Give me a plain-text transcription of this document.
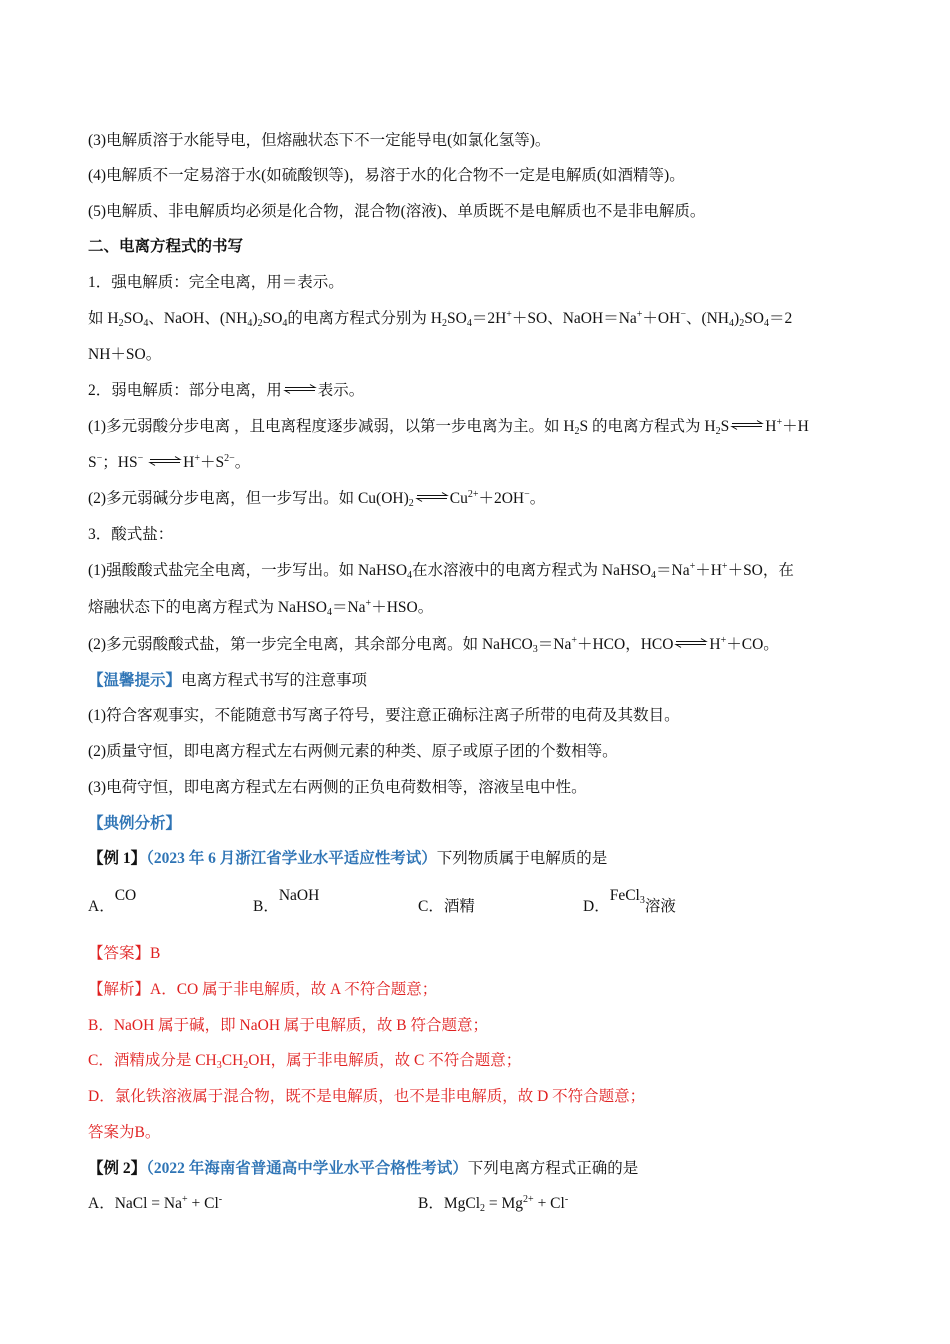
(3)电解质溶于水能导电，但熔融状态下不一定能导电(如氯化氢等)。
(4)电解质不一定易溶于水(如硫酸钡等)，易溶于水的化合物不一定是电解质(如酒精等)。
(5)电解质、非电解质均必须是化合物，混合物(溶液)、单质既不是电解质也不是非电解质。
二、电离方程式的书写
1．强电解质：完全电离，用＝表示。
如 $H_2SO_4$、NaOH、$(NH_4)_2SO_4$的电离方程式分别为 $H_2SO_4=2H^++SO$、NaOH＝Na+＋OH−、$(NH_4)_2SO_4=2$
NH＋SO。
2．弱电解质：部分电离，用⇌表示。
(1)多元弱酸分步电离 ，且电离程度逐步减弱，以第一步电离为主。如 $H_2S$ 的电离方程式为 $H_2S\rightleftharpoons H^++H$
S−；HS− $\rightleftharpoons H^++S^{2-}$。
(2)多元弱碱分步电离，但一步写出。如 $Cu(OH)_2$ $\rightleftharpoons Cu^{2+}+2OH^-$。
3．酸式盐：
(1)强酸酸式盐完全电离，一步写出。如 NaHSO$_4$在水溶液中的电离方程式为 NaHSO$_4$＝Na+＋H+＋SO，在
熔融状态下的电离方程式为 NaHSO$_4$＝Na+＋HSO。
(2)多元弱酸酸式盐，第一步完全电离，其余部分电离。如 NaHCO$_3$＝Na+＋HCO，HCO⇌H+＋CO。
【温馨提示】电离方程式书写的注意事项
(1)符合客观事实，不能随意书写离子符号，要注意正确标注离子所带的电荷及其数目。
(2)质量守恒，即电离方程式左右两侧元素的种类、原子或原子团的个数相等。
(3)电荷守恒，即电离方程式左右两侧的正负电荷数相等，溶液呈电中性。
【典例分析】
【例 1】（2023 年 6 月浙江省学业水平适应性考试）下列物质属于电解质的是
A．CO
B．NaOH
C．酒精	D．FeCl$_3$溶液
【答案】B
【解析】A．CO 属于非电解质，故 A 不符合题意；
B．NaOH 属于碱，即 NaOH 属于电解质，故 B 符合题意；
C．酒精成分是 $CH_3CH_2OH$，属于非电解质，故 C 不符合题意；
D．氯化铁溶液属于混合物，既不是电解质，也不是非电解质，故 D 不符合题意；
答案为B。
【例 2】（2022 年海南省普通高中学业水平合格性考试）下列电离方程式正确的是
A．NaCl = Na+ + Cl-	B．MgCl$_2$ = $Mg^{2+} + Cl^-$
